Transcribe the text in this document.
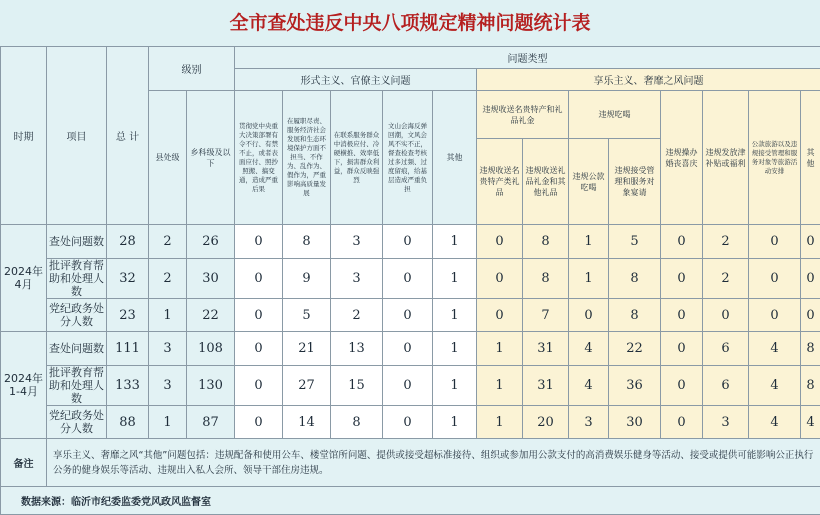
全市查处违反中央八项规定精神问题统计表
时期	项目	总 计	级别		问题类型												
					形式主义、官僚主义问题					享乐主义、奢靡之风问题							
			县处级	乡科级及以下	贯彻党中央重大决策部署有令不行、有禁不止，或者表面应付、照抄照搬、搞变通，造成严重后果	在履职尽责、服务经济社会发展和生态环境保护方面不担当、不作为、乱作为、假作为，严重影响高质量发展	在联系服务群众中消极应付、冷硬横推、效率低下，损害群众利益，群众反映强烈	文山会海反弹回潮，文风会风不实不正，督查检查考核过多过频、过度留痕，给基层造成严重负担	其他	违规收送名贵特产和礼品礼金		违规吃喝		违规操办婚丧喜庆	违规发放津补贴或福利	公款旅游以及违规接受管理和服务对象等旅游活动安排	其他
										违规收送名贵特产类礼品	违规收送礼品礼金和其他礼品	违规公款吃喝	违规接受管理和服务对象宴请				

2024年4月	查处问题数	28	2	26	0	8	3	0	1	0	8	1	5	0	2	0	0
	批评教育帮助和处理人数	32	2	30	0	9	3	0	1	0	8	1	8	0	2	0	0
	党纪政务处分人数	23	1	22	0	5	2	0	1	0	7	0	8	0	0	0	0
2024年1-4月	查处问题数	111	3	108	0	21	13	0	1	1	31	4	22	0	6	4	8
	批评教育帮助和处理人数	133	3	130	0	27	15	0	1	1	31	4	36	0	6	4	8
	党纪政务处分人数	88	1	87	0	14	8	0	1	1	20	3	30	0	3	4	4
备注	享乐主义、奢靡之风“其他”问题包括：违规配备和使用公车、楼堂馆所问题、提供或接受超标准接待、组织或参加用公款支付的高消费娱乐健身等活动、接受或提供可能影响公正执行公务的健身娱乐等活动、违规出入私人会所、领导干部住房违规。																
数据来源：临沂市纪委监委党风政风监督室																	
